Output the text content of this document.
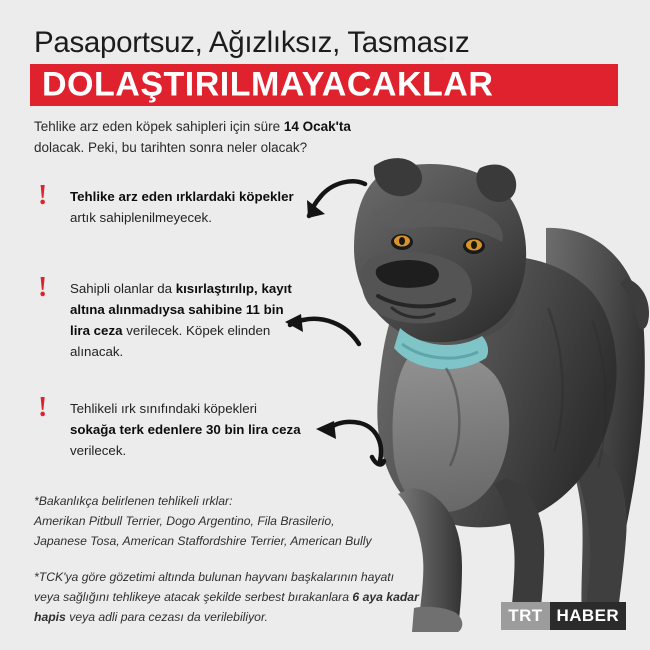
Pasaportsuz, Ağızlıksız, Tasmasız
DOLAŞTIRILMAYACAKLAR
Tehlike arz eden köpek sahipleri için süre 14 Ocak'ta dolacak. Peki, bu tarihten sonra neler olacak?
!	Tehlike arz eden ırklardaki köpekler artık sahiplenilmeyecek.
!	Sahipli olanlar da kısırlaştırılıp, kayıt altına alınmadıysa sahibine 11 bin lira ceza verilecek. Köpek elinden alınacak.
!	Tehlikeli ırk sınıfındaki köpekleri sokağa terk edenlere 30 bin lira ceza verilecek.
*Bakanlıkça belirlenen tehlikeli ırklar:
Amerikan Pitbull Terrier, Dogo Argentino, Fila Brasilerio,
Japanese Tosa, American Staffordshire Terrier, American Bully
*TCK'ya göre gözetimi altında bulunan hayvanı başkalarının hayatı veya sağlığını tehlikeye atacak şekilde serbest bırakanlara 6 aya kadar hapis veya adli para cezası da verilebiliyor.	TRT HABER
